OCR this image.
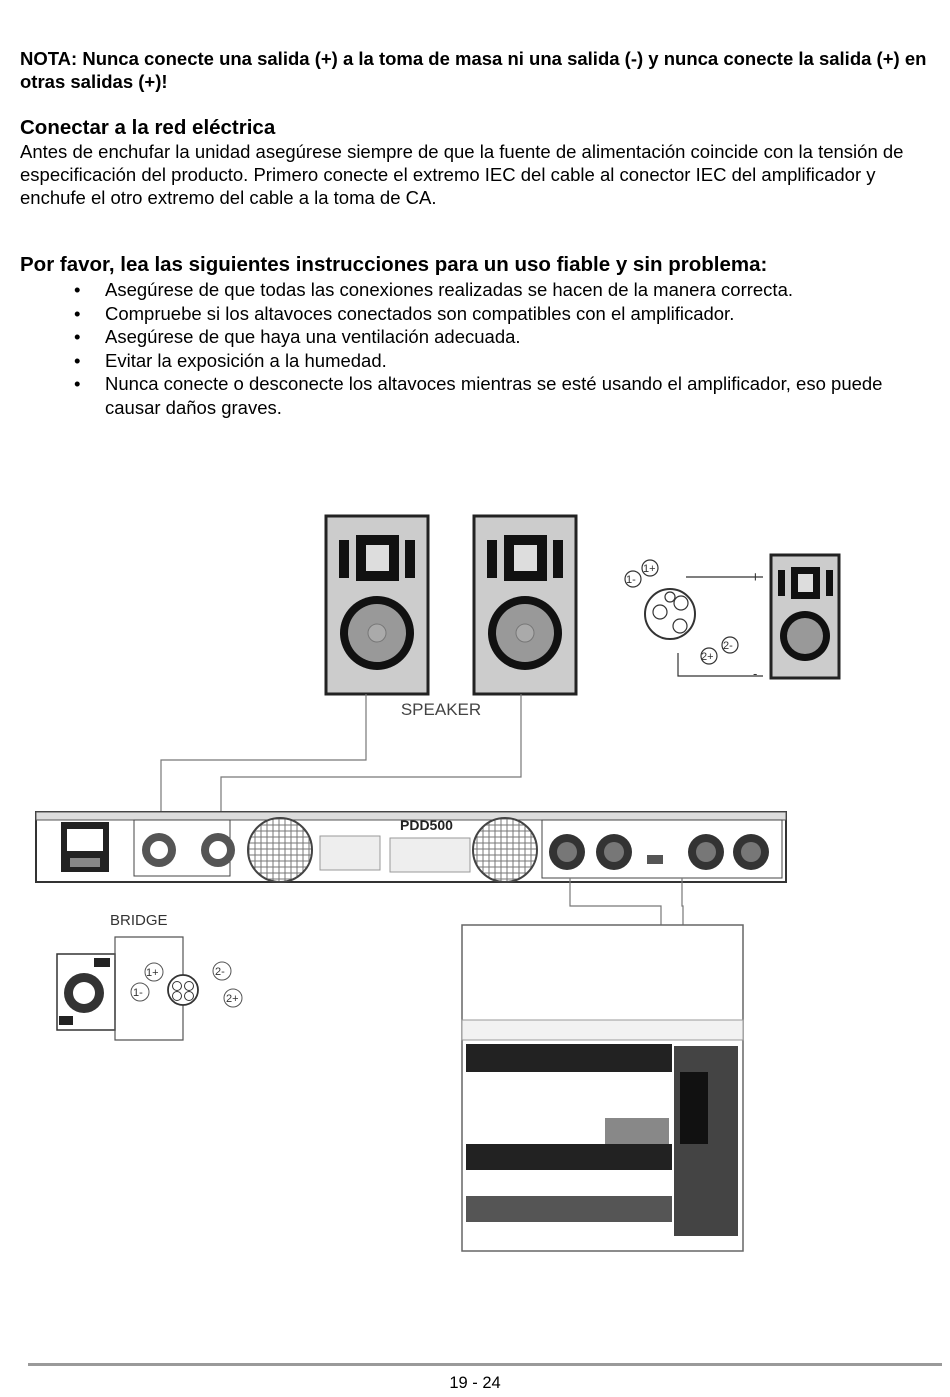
NOTA: Nunca conecte una salida (+) a la toma de masa ni una salida (-) y nunca conecte la salida (+) en otras salidas (+)!
Conectar a la red eléctrica
Antes de enchufar la unidad asegúrese siempre de que la fuente de alimentación coincide con la tensión de especificación del producto. Primero conecte el extremo IEC del cable al conector IEC del amplificador y enchufe el otro extremo del cable a la toma de CA.
Por favor, lea las siguientes instrucciones para un uso fiable y sin problema:
• Asegúrese de que todas las conexiones realizadas se hacen de la manera correcta.
• Compruebe si los altavoces conectados son compatibles con el amplificador.
• Asegúrese de que haya una ventilación adecuada.
• Evitar la exposición a la humedad.
• Nunca conecte o desconecte los altavoces mientras se esté usando el amplificador, eso puede causar daños graves.
SPEAKER
1-
1+
2-
2+
+
-
PDD500
BRIDGE
1+
1-
2-
2+
19 - 24
